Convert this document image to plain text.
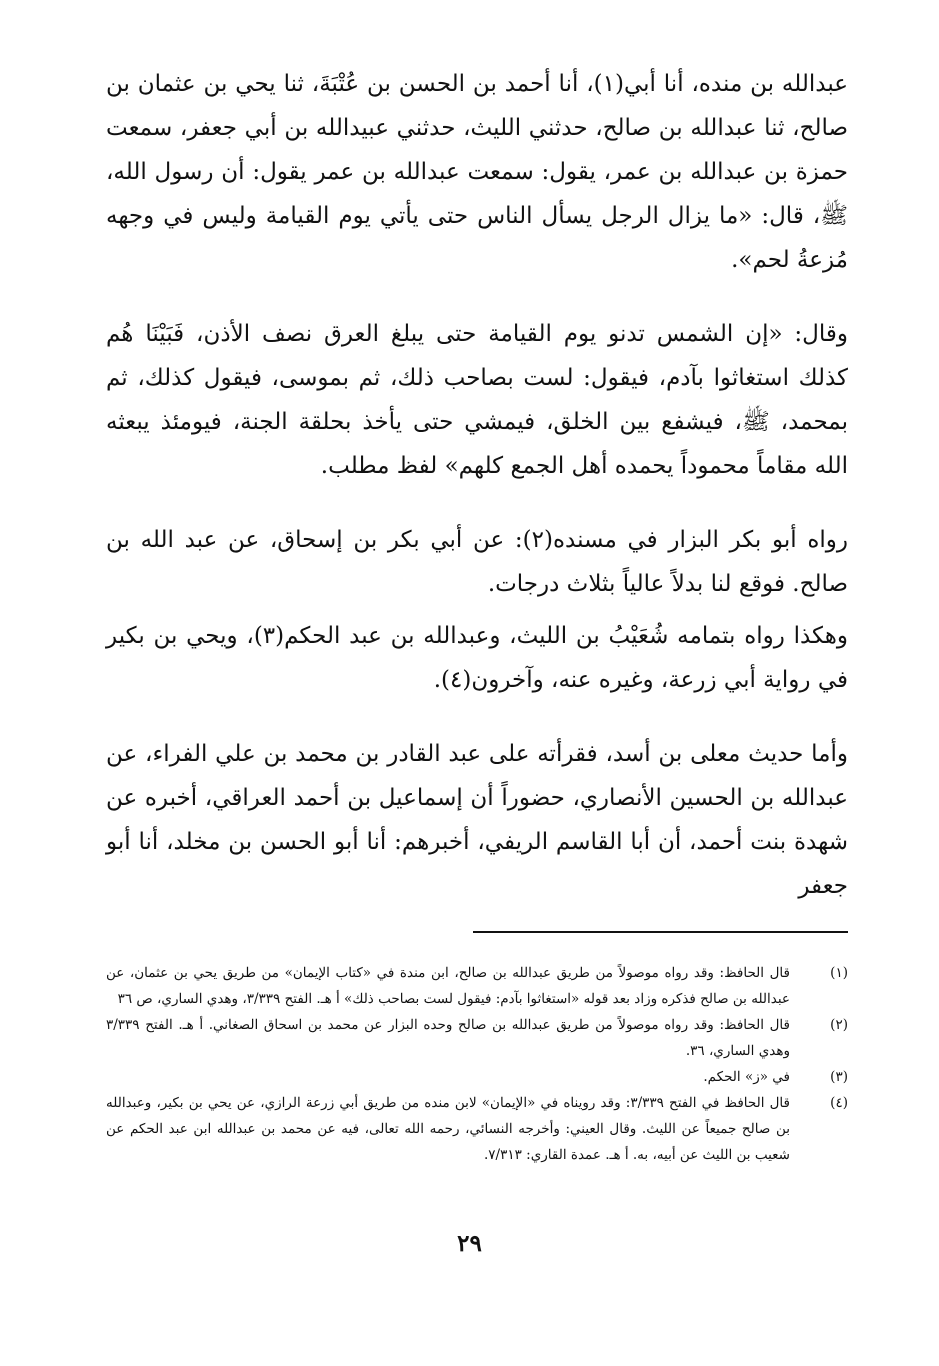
عبدالله بن منده، أنا أبي(١)، أنا أحمد بن الحسن بن عُتْبَةَ، ثنا يحي بن عثمان بن صالح، ثنا عبدالله بن صالح، حدثني الليث، حدثني عبيدالله بن أبي جعفر، سمعت حمزة بن عبدالله بن عمر، يقول: سمعت عبدالله بن عمر يقول: أن رسول الله، ﷺ، قال: «ما يزال الرجل يسأل الناس حتى يأتي يوم القيامة وليس في وجهه مُزعةُ لحم».

وقال: «إن الشمس تدنو يوم القيامة حتى يبلغ العرق نصف الأذن، فَبَيْنَا هُم كذلك استغاثوا بآدم، فيقول: لست بصاحب ذلك، ثم بموسى، فيقول كذلك، ثم بمحمد، ﷺ، فيشفع بين الخلق، فيمشي حتى يأخذ بحلقة الجنة، فيومئذ يبعثه الله مقاماً محموداً يحمده أهل الجمع كلهم» لفظ مطلب.

رواه أبو بكر البزار في مسنده(٢): عن أبي بكر بن إسحاق، عن عبد الله بن صالح. فوقع لنا بدلاً عالياً بثلاث درجات.

وهكذا رواه بتمامه شُعَيْبُ بن الليث، وعبدالله بن عبد الحكم(٣)، ويحي بن بكير في رواية أبي زرعة، وغيره عنه، وآخرون(٤).

وأما حديث معلى بن أسد، فقرأته على عبد القادر بن محمد بن علي الفراء، عن عبدالله بن الحسين الأنصاري، حضوراً أن إسماعيل بن أحمد العراقي، أخبره عن شهدة بنت أحمد، أن أبا القاسم الريفي، أخبرهم: أنا أبو الحسن بن مخلد، أنا أبو جعفر

(١)
قال الحافظ: وقد رواه موصولاً من طريق عبدالله بن صالح، ابن مندة في «كتاب الإيمان» من طريق يحي بن عثمان، عن عبدالله بن صالح فذكره وزاد بعد قوله «استغاثوا بآدم: فيقول لست بصاحب ذلك» أ هـ. الفتح ٣/٣٣٩، وهدي الساري، ص ٣٦
(٢)
قال الحافظ: وقد رواه موصولاً من طريق عبدالله بن صالح وحده البزار عن محمد بن اسحاق الصغاني. أ هـ. الفتح ٣/٣٣٩ وهدي الساري، ٣٦.
(٣)
في «ز» الحكم.
(٤)
قال الحافظ في الفتح ٣/٣٣٩: وقد رويناه في «الإيمان» لابن منده من طريق أبي زرعة الرازي، عن يحي بن بكير، وعبدالله بن صالح جميعاً عن الليث. وقال العيني: وأخرجه النسائي، رحمه الله تعالى، فيه عن محمد بن عبدالله ابن عبد الحكم عن شعيب بن الليث عن أبيه، به. أ هـ. عمدة القاري: ٧/٣١٣.
٢٩
